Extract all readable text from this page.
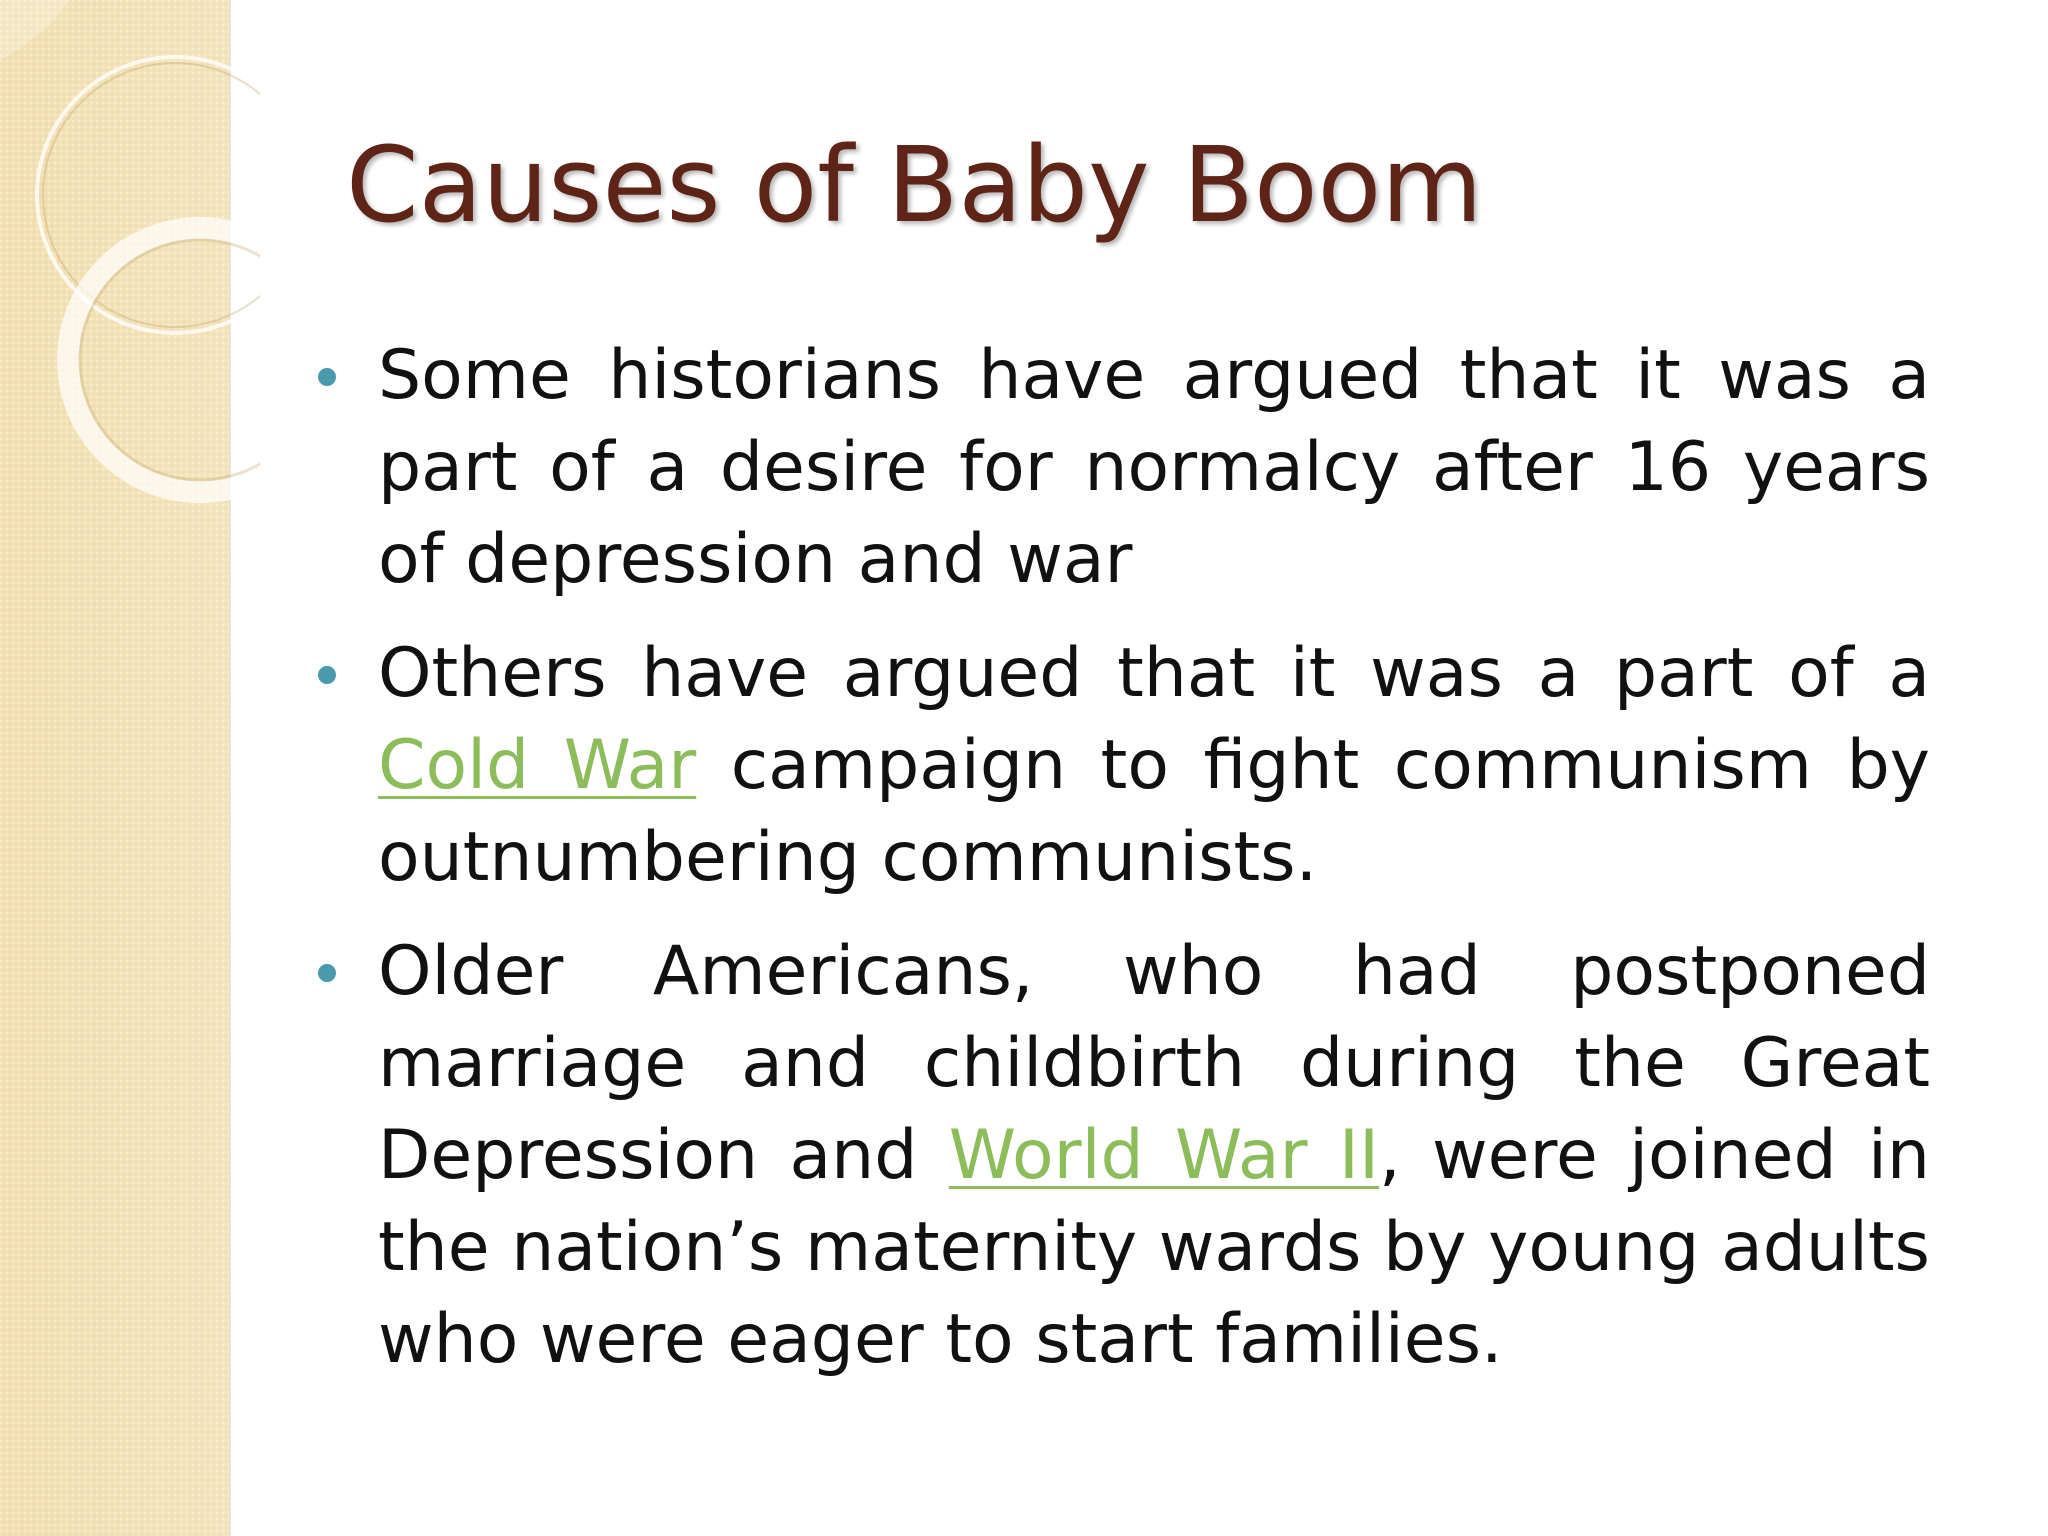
Causes of Baby Boom
Some historians have argued that it was a part of a desire for normalcy after 16 years of depression and war
Others have argued that it was a part of a Cold War campaign to fight communism by outnumbering communists.
Older Americans, who had postponed marriage and childbirth during the Great Depression and World War II, were joined in the nation’s maternity wards by young adults who were eager to start families.
